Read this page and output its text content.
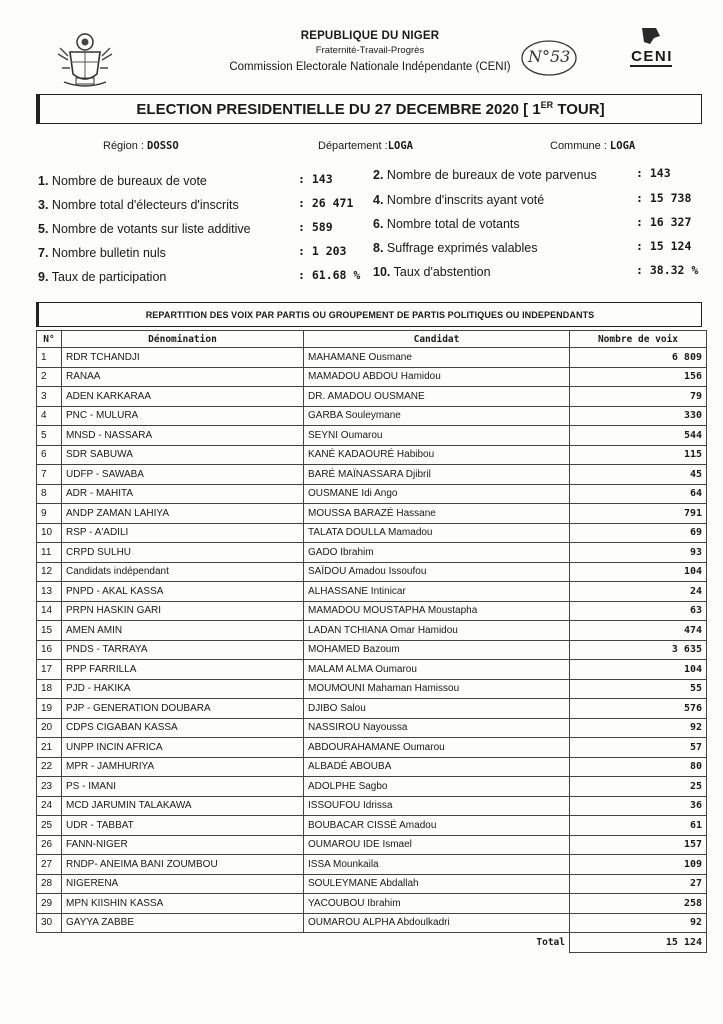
REPUBLIQUE DU NIGER
Fraternité-Travail-Progrès
Commission Electorale Nationale Indépendante (CENI)
N°53	CENI
ELECTION PRESIDENTIELLE DU 27 DECEMBRE 2020 [ 1ER TOUR]
Région : DOSSO	Département :LOGA	Commune : LOGA
1. Nombre de bureaux de vote	: 143
3. Nombre total d'électeurs d'inscrits	: 26 471
5. Nombre de votants sur liste additive	: 589
7. Nombre bulletin nuls	: 1 203
9. Taux de participation	: 61.68 %
2. Nombre de bureaux de vote parvenus	: 143
4. Nombre d'inscrits ayant voté	: 15 738
6. Nombre total de votants	: 16 327
8. Suffrage exprimés valables	: 15 124
10. Taux d'abstention	: 38.32 %
REPARTITION DES VOIX PAR PARTIS OU GROUPEMENT DE PARTIS POLITIQUES OU INDEPENDANTS
N°	Dénomination	Candidat	Nombre de voix
1	RDR TCHANDJI	MAHAMANE Ousmane	6 809
2	RANAA	MAMADOU ABDOU Hamidou	156
3	ADEN KARKARAA	DR. AMADOU OUSMANE	79
4	PNC - MULURA	GARBA Souleymane	330
5	MNSD - NASSARA	SEYNI Oumarou	544
6	SDR SABUWA	KANÉ KADAOURÉ Habibou	115
7	UDFP - SAWABA	BARÉ MAÏNASSARA Djibril	45
8	ADR - MAHITA	OUSMANE Idi Ango	64
9	ANDP ZAMAN LAHIYA	MOUSSA BARAZÉ Hassane	791
10	RSP - A'ADILI	TALATA DOULLA Mamadou	69
11	CRPD SULHU	GADO Ibrahim	93
12	Candidats indépendant	SAÏDOU Amadou Issoufou	104
13	PNPD - AKAL KASSA	ALHASSANE Intinicar	24
14	PRPN HASKIN GARI	MAMADOU MOUSTAPHA Moustapha	63
15	AMEN AMIN	LADAN TCHIANA Omar Hamidou	474
16	PNDS - TARRAYA	MOHAMED Bazoum	3 635
17	RPP FARRILLA	MALAM ALMA Oumarou	104
18	PJD - HAKIKA	MOUMOUNI Mahaman Hamissou	55
19	PJP - GENERATION DOUBARA	DJIBO Salou	576
20	CDPS CIGABAN KASSA	NASSIROU Nayoussa	92
21	UNPP INCIN AFRICA	ABDOURAHAMANE Oumarou	57
22	MPR - JAMHURIYA	ALBADÉ ABOUBA	80
23	PS - IMANI	ADOLPHE Sagbo	25
24	MCD JARUMIN TALAKAWA	ISSOUFOU Idrissa	36
25	UDR - TABBAT	BOUBACAR CISSÉ Amadou	61
26	FANN-NIGER	OUMAROU IDE Ismael	157
27	RNDP- ANEIMA BANI ZOUMBOU	ISSA Mounkaila	109
28	NIGERENA	SOULEYMANE Abdallah	27
29	MPN KIISHIN KASSA	YACOUBOU Ibrahim	258
30	GAYYA ZABBE	OUMAROU ALPHA Abdoulkadri	92
		Total	15 124
